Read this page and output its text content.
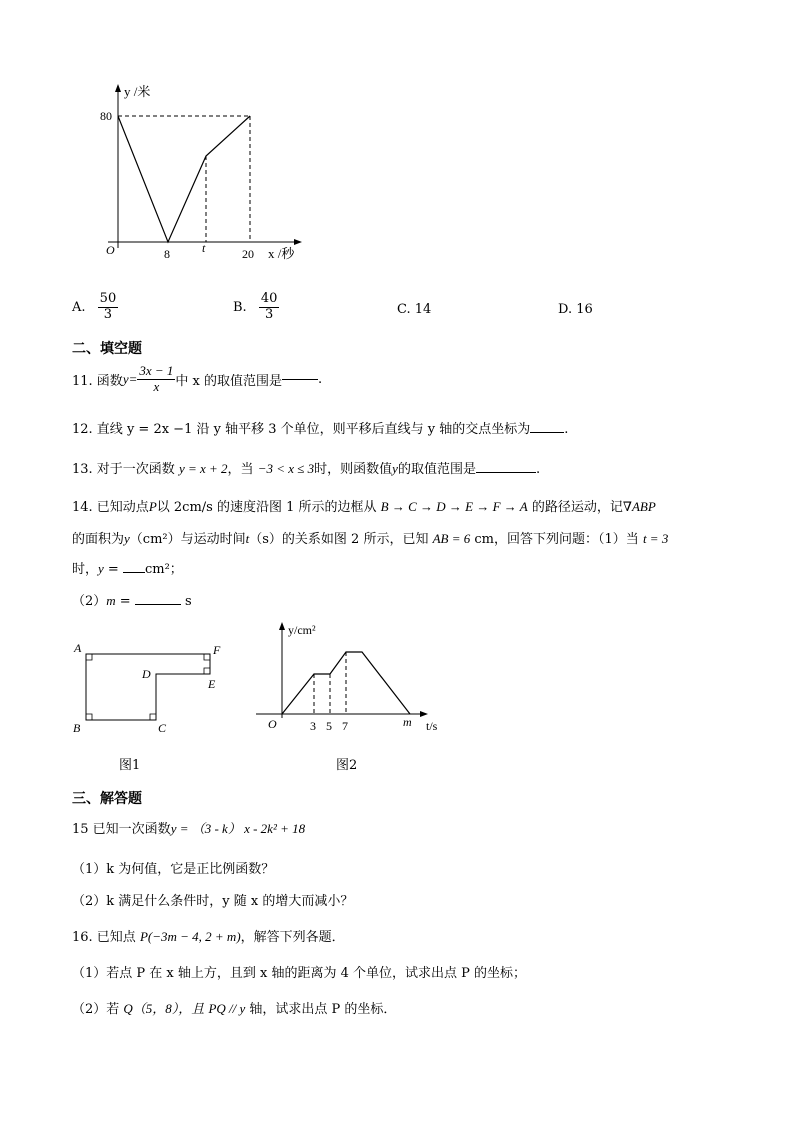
y /米
80
O	8	t	20 x /秒
A. $\frac{50}{3}$	B. $\frac{40}{3}$	C. 14	D. 16
二、填空题
11. 函数$y= \frac{3x - 1}{x}$ 中 x 的取值范围是	.
12. 直线 y = 2x −1 沿 y 轴平移 3 个单位，则平移后直线与 y 轴的交点坐标为	.
13. 对于一次函数 y = x + 2，当 −3 < x ≤ 3时，则函数值y的取值范围是	.
14. 已知动点P以 2cm/s 的速度沿图 1 所示的边框从 B → C → D → E → F → A 的路径运动，记∇ABP
的面积为y（cm²）与运动时间t（s）的关系如图 2 所示，已知 AB = 6 cm，回答下列问题：（1）当 t = 3
时，y = cm²；
（2）m =	s
A	F
D
E
B	C
图1
y/cm²
O	3 5 7	m t/s
图2
三、解答题
15 已知一次函数y = （3 - k） x - 2k² + 18
（1）k 为何值，它是正比例函数？
（2）k 满足什么条件时，y 随 x 的增大而减小？
16. 已知点 P(−3m − 4, 2 + m)，解答下列各题．
（1）若点 P 在 x 轴上方，且到 x 轴的距离为 4 个单位，试求出点 P 的坐标；
（2）若 Q（5，8），且 PQ // y 轴，试求出点 P 的坐标．
